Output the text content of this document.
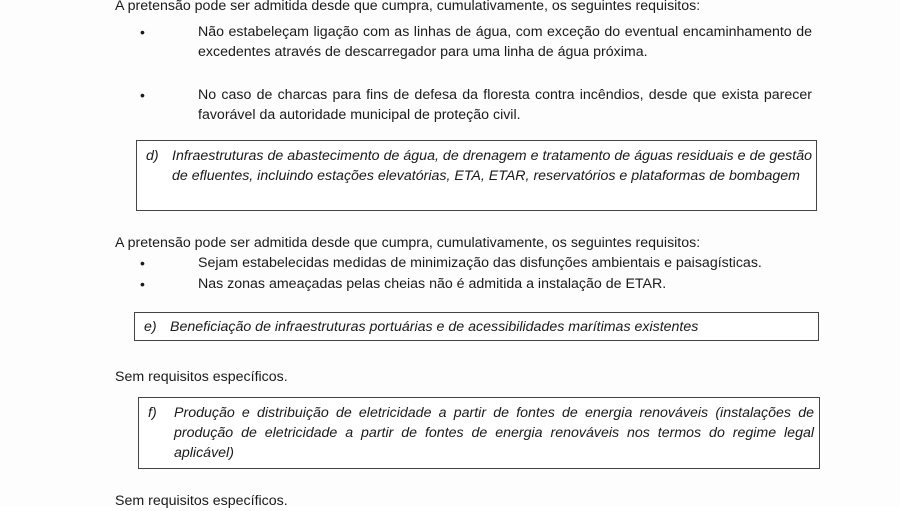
A pretensão pode ser admitida desde que cumpra, cumulativamente, os seguintes requisitos:

•	Não estabeleçam ligação com as linhas de água, com exceção do eventual encaminhamento de excedentes através de descarregador para uma linha de água próxima.
•	No caso de charcas para fins de defesa da floresta contra incêndios, desde que exista parecer favorável da autoridade municipal de proteção civil.
d) Infraestruturas de abastecimento de água, de drenagem e tratamento de águas residuais e de gestão de efluentes, incluindo estações elevatórias, ETA, ETAR, reservatórios e plataformas de bombagem

A pretensão pode ser admitida desde que cumpra, cumulativamente, os seguintes requisitos:

•	Sejam estabelecidas medidas de minimização das disfunções ambientais e paisagísticas.
•	Nas zonas ameaçadas pelas cheias não é admitida a instalação de ETAR.
e) Beneficiação de infraestruturas portuárias e de acessibilidades marítimas existentes

Sem requisitos específicos.

f)	Produção e distribuição de eletricidade a partir de fontes de energia renováveis (instalações de produção de eletricidade a partir de fontes de energia renováveis nos termos do regime legal aplicável)

Sem requisitos específicos.
